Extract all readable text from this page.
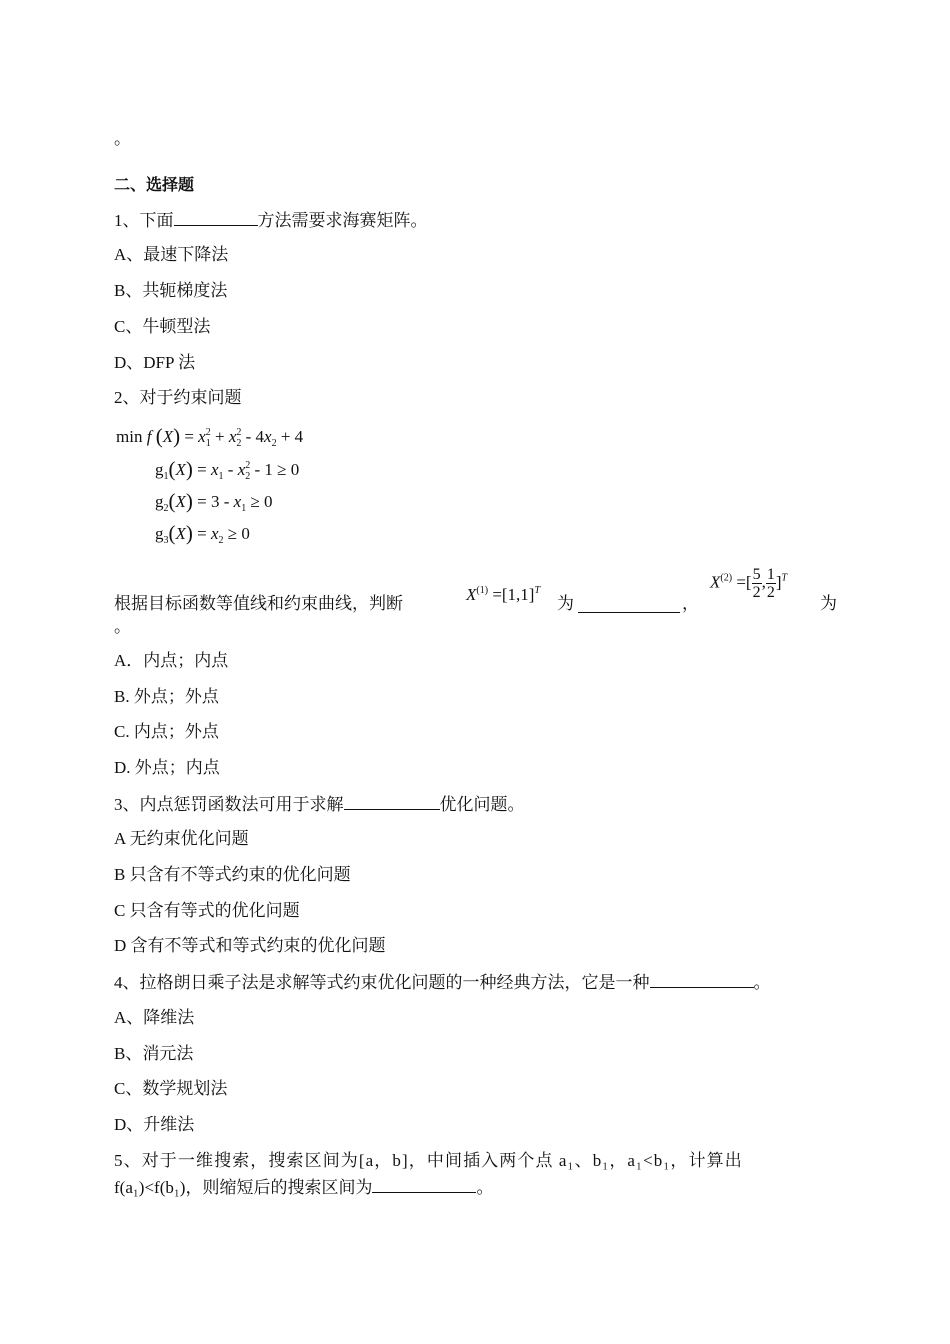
。
二、选择题
1、下面	方法需要求海赛矩阵。
A、最速下降法
B、共轭梯度法
C、牛顿型法
D、DFP 法
2、对于约束问题
min f $(X) = x_1^2 + x_2^2 - 4x_2 + 4$
$g_1(X) = x_1 - x_2^2 - 1 \ge 0$
$g_2(X) = 3 - x_1 \ge 0$
$g_3(X) = x_2 \ge 0$
根据目标函数等值线和约束曲线，判断	$X^{(1)} =[1,1]^T$
为	，
$X^{(2)}$ =[ $\frac{5}{2}$ , $\frac{1}{2} ]^T$
为
。
A．内点；内点
B. 外点；外点
C. 内点；外点
D. 外点；内点
3、内点惩罚函数法可用于求解	优化问题。
A 无约束优化问题
B 只含有不等式约束的优化问题
C 只含有等式的优化问题
D 含有不等式和等式约束的优化问题
4、拉格朗日乘子法是求解等式约束优化问题的一种经典方法，它是一种	。
A、降维法
B、消元法
C、数学规划法
D、升维法
5、对于一维搜索，搜索区间为[a，b]，中间插入两个点 a₁、b₁，a₁<b₁，计算出
f(a₁)<f(b₁)，则缩短后的搜索区间为	。
